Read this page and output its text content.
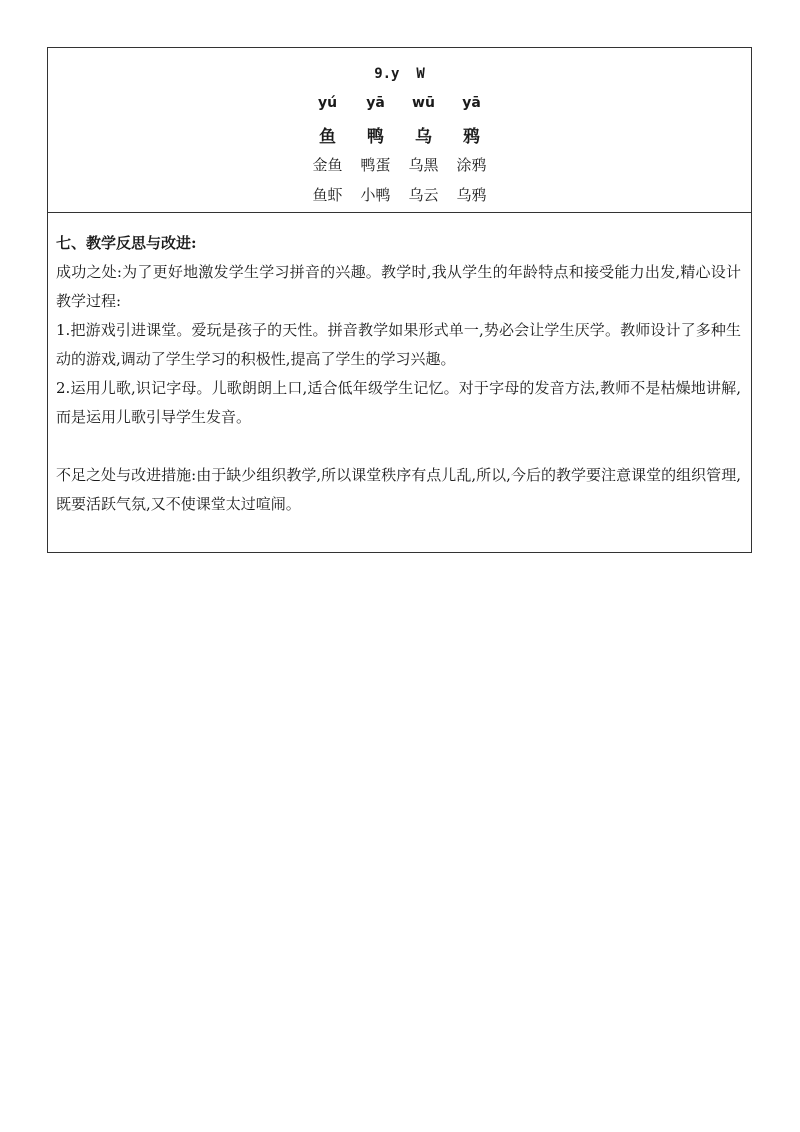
9.y  W
yú	yā	wū	yā
鱼	鸭	乌	鸦
金鱼	鸭蛋	乌黑	涂鸦
鱼虾	小鸭	乌云	乌鸦

七、教学反思与改进:

成功之处:为了更好地激发学生学习拼音的兴趣。教学时,我从学生的年龄特点和接受能力出发,精心设计教学过程:

1.把游戏引进课堂。爱玩是孩子的天性。拼音教学如果形式单一,势必会让学生厌学。教师设计了多种生动的游戏,调动了学生学习的积极性,提高了学生的学习兴趣。

2.运用儿歌,识记字母。儿歌朗朗上口,适合低年级学生记忆。对于字母的发音方法,教师不是枯燥地讲解,而是运用儿歌引导学生发音。

不足之处与改进措施:由于缺少组织教学,所以课堂秩序有点儿乱,所以,今后的教学要注意课堂的组织管理,既要活跃气氛,又不使课堂太过喧闹。
